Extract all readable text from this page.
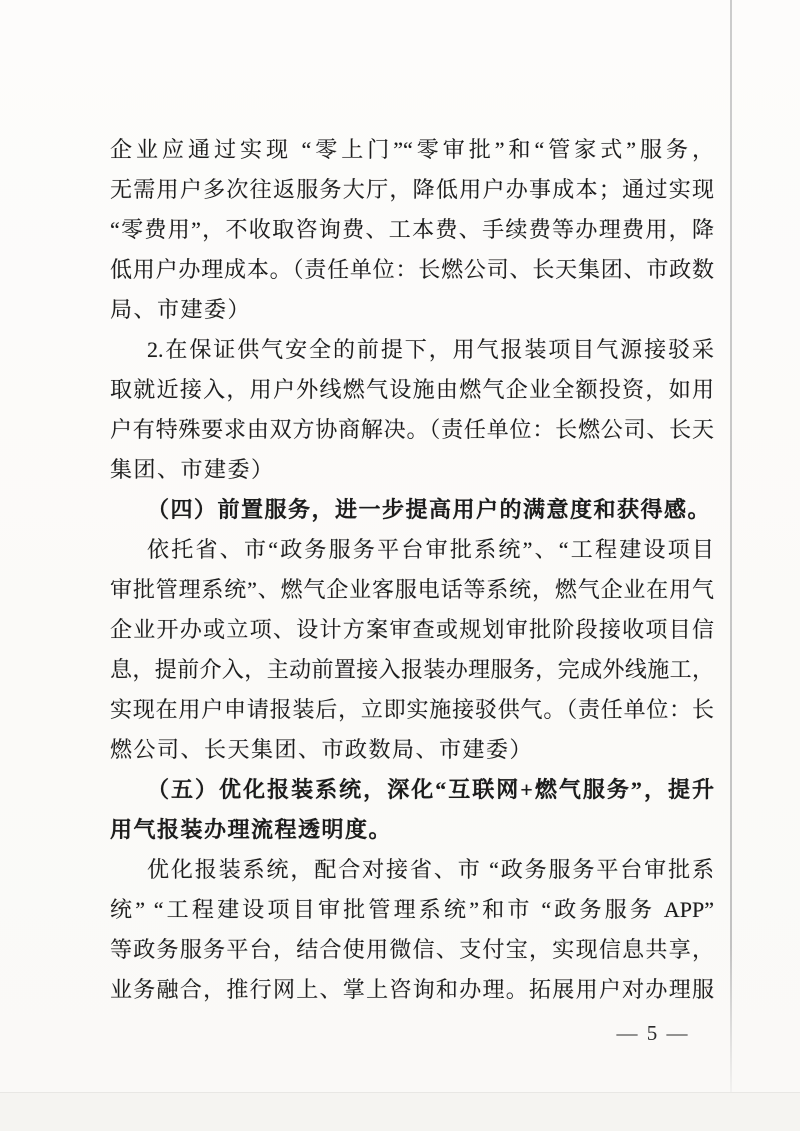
企业应通过实现 “零上门”“零审批”和“管家式”服务，

无需用户多次往返服务大厅，降低用户办事成本；通过实现

“零费用”，不收取咨询费、工本费、手续费等办理费用，降

低用户办理成本。（责任单位：长燃公司、长天集团、市政数

局、市建委）

2.在保证供气安全的前提下，用气报装项目气源接驳采

取就近接入，用户外线燃气设施由燃气企业全额投资，如用

户有特殊要求由双方协商解决。（责任单位：长燃公司、长天

集团、市建委）

（四）前置服务，进一步提高用户的满意度和获得感。

依托省、市“政务服务平台审批系统”、“工程建设项目

审批管理系统”、燃气企业客服电话等系统，燃气企业在用气

企业开办或立项、设计方案审查或规划审批阶段接收项目信

息，提前介入，主动前置接入报装办理服务，完成外线施工，

实现在用户申请报装后，立即实施接驳供气。（责任单位：长

燃公司、长天集团、市政数局、市建委）

（五）优化报装系统，深化“互联网+燃气服务”，提升

用气报装办理流程透明度。

优化报装系统，配合对接省、市 “政务服务平台审批系

统” “工程建设项目审批管理系统”和市 “政务服务 APP”

等政务服务平台，结合使用微信、支付宝，实现信息共享，

业务融合，推行网上、掌上咨询和办理。拓展用户对办理服

— 5 —
